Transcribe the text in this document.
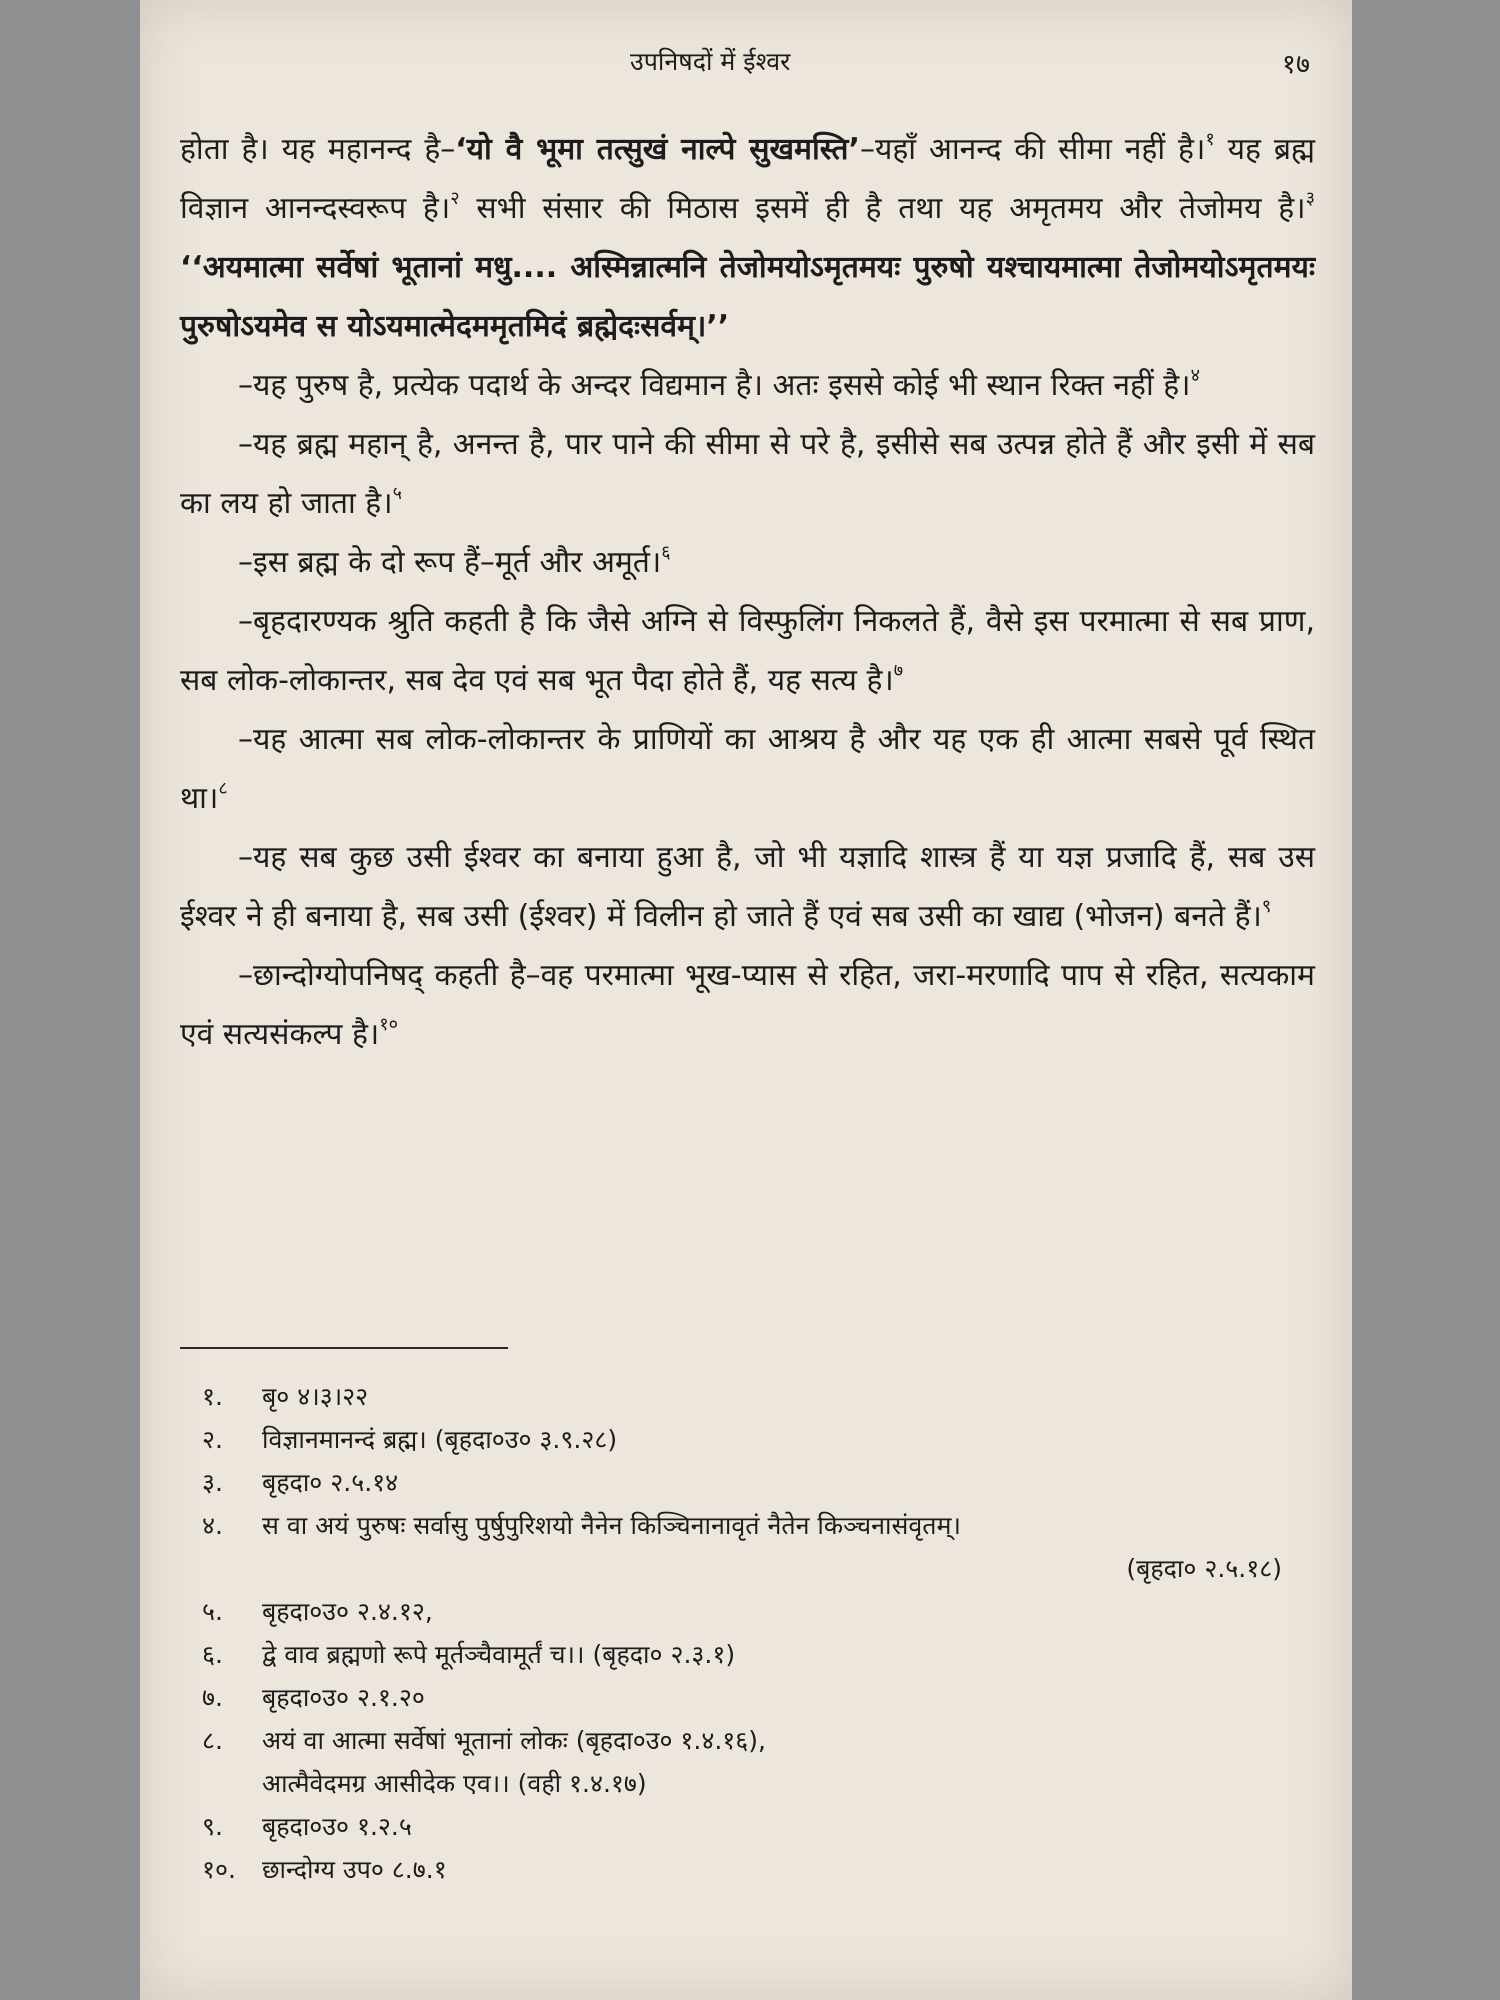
उपनिषदों में ईश्वर	१७

होता है। यह महानन्द है–‘यो वै भूमा तत्सुखं नाल्पे सुखमस्ति’–यहाँ आनन्द की सीमा नहीं है।$^१$ यह ब्रह्म विज्ञान आनन्दस्वरूप है।$^२$ सभी संसार की मिठास इसमें ही है तथा यह अमृतमय और तेजोमय है।$^३$ ‘‘अयमात्मा सर्वेषां भूतानां मधु.... अस्मिन्नात्मनि तेजोमयोऽमृतमयः पुरुषो यश्चायमात्मा तेजोमयोऽमृतमयः पुरुषोऽयमेव स योऽयमात्मेदममृतमिदं ब्रह्मेदःसर्वम्।’’

–यह पुरुष है, प्रत्येक पदार्थ के अन्दर विद्यमान है। अतः इससे कोई भी स्थान रिक्त नहीं है।$^४$

–यह ब्रह्म महान् है, अनन्त है, पार पाने की सीमा से परे है, इसीसे सब उत्पन्न होते हैं और इसी में सब का लय हो जाता है।$^५$

–इस ब्रह्म के दो रूप हैं–मूर्त और अमूर्त।$^६$

–बृहदारण्यक श्रुति कहती है कि जैसे अग्नि से विस्फुलिंग निकलते हैं, वैसे इस परमात्मा से सब प्राण, सब लोक-लोकान्तर, सब देव एवं सब भूत पैदा होते हैं, यह सत्य है।$^७$

–यह आत्मा सब लोक-लोकान्तर के प्राणियों का आश्रय है और यह एक ही आत्मा सबसे पूर्व स्थित था।$^८$

–यह सब कुछ उसी ईश्वर का बनाया हुआ है, जो भी यज्ञादि शास्त्र हैं या यज्ञ प्रजादि हैं, सब उस ईश्वर ने ही बनाया है, सब उसी (ईश्वर) में विलीन हो जाते हैं एवं सब उसी का खाद्य (भोजन) बनते हैं।$^९$

–छान्दोग्योपनिषद् कहती है–वह परमात्मा भूख-प्यास से रहित, जरा-मरणादि पाप से रहित, सत्यकाम एवं सत्यसंकल्प है।$^{१०}$

१.	बृ० ४।३।२२
२.	विज्ञानमानन्दं ब्रह्म। (बृहदा०उ० ३.९.२८)
३.	बृहदा० २.५.१४
४.	स वा अयं पुरुषः सर्वासु पुर्षुपुरिशयो नैनेन किञ्चिनानावृतं नैतेन किञ्चनासंवृतम्।
(बृहदा० २.५.१८)
५.	बृहदा०उ० २.४.१२,
६.	द्वे वाव ब्रह्मणो रूपे मूर्तञ्चैवामूर्तं च।। (बृहदा० २.३.१)
७.	बृहदा०उ० २.१.२०
८.	अयं वा आत्मा सर्वेषां भूतानां लोकः (बृहदा०उ० १.४.१६),
आत्मैवेदमग्र आसीदेक एव।। (वही १.४.१७)
९.	बृहदा०उ० १.२.५
१०.	छान्दोग्य उप० ८.७.१
